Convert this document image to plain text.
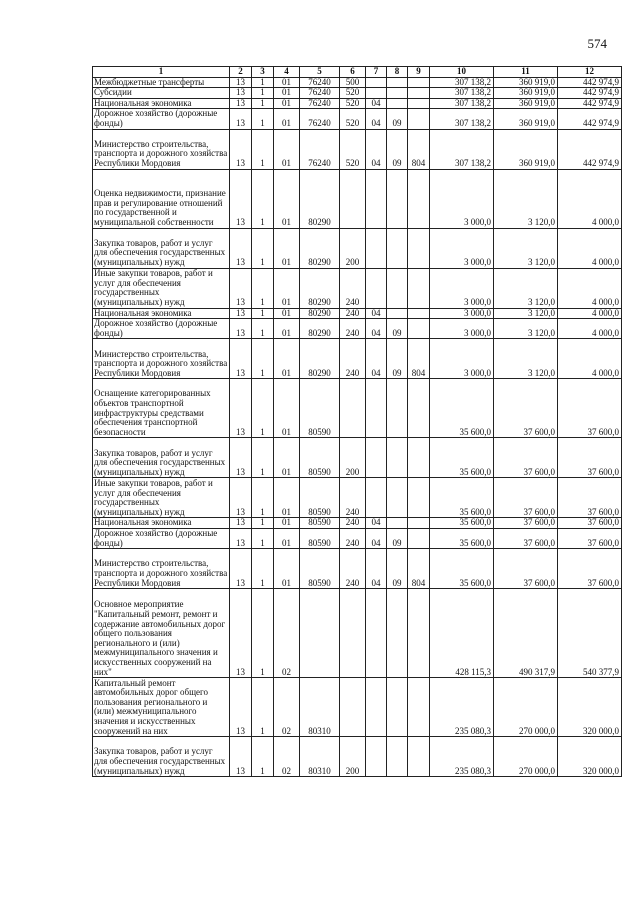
574
1	2	3	4	5	6	7	8	9	10	11	12
Межбюджетные трансферты	13	1	01	76240	500				307 138,2	360 919,0	442 974,9
Субсидии	13	1	01	76240	520				307 138,2	360 919,0	442 974,9
Национальная экономика	13	1	01	76240	520	04			307 138,2	360 919,0	442 974,9
Дорожное хозяйство (дорожные фонды)	13	1	01	76240	520	04	09		307 138,2	360 919,0	442 974,9
Министерство строительства, транспорта и дорожного хозяйства Республики Мордовия	13	1	01	76240	520	04	09	804	307 138,2	360 919,0	442 974,9
Оценка недвижимости, признание прав и регулирование отношений по государственной и муниципальной собственности	13	1	01	80290					3 000,0	3 120,0	4 000,0
Закупка товаров, работ и услуг для обеспечения государственных (муниципальных) нужд	13	1	01	80290	200				3 000,0	3 120,0	4 000,0
Иные закупки товаров, работ и услуг для обеспечения государственных (муниципальных) нужд	13	1	01	80290	240				3 000,0	3 120,0	4 000,0
Национальная экономика	13	1	01	80290	240	04			3 000,0	3 120,0	4 000,0
Дорожное хозяйство (дорожные фонды)	13	1	01	80290	240	04	09		3 000,0	3 120,0	4 000,0
Министерство строительства, транспорта и дорожного хозяйства Республики Мордовия	13	1	01	80290	240	04	09	804	3 000,0	3 120,0	4 000,0
Оснащение категорированных объектов транспортной инфраструктуры средствами обеспечения транспортной безопасности	13	1	01	80590					35 600,0	37 600,0	37 600,0
Закупка товаров, работ и услуг для обеспечения государственных (муниципальных) нужд	13	1	01	80590	200				35 600,0	37 600,0	37 600,0
Иные закупки товаров, работ и услуг для обеспечения государственных (муниципальных) нужд	13	1	01	80590	240				35 600,0	37 600,0	37 600,0
Национальная экономика	13	1	01	80590	240	04			35 600,0	37 600,0	37 600,0
Дорожное хозяйство (дорожные фонды)	13	1	01	80590	240	04	09		35 600,0	37 600,0	37 600,0
Министерство строительства, транспорта и дорожного хозяйства Республики Мордовия	13	1	01	80590	240	04	09	804	35 600,0	37 600,0	37 600,0
Основное мероприятие "Капитальный ремонт, ремонт и содержание автомобильных дорог общего пользования регионального и (или) межмуниципального значения и искусственных сооружений на них"	13	1	02						428 115,3	490 317,9	540 377,9
Капитальный ремонт автомобильных дорог общего пользования регионального и (или) межмуниципального значения и искусственных сооружений на них	13	1	02	80310					235 080,3	270 000,0	320 000,0
Закупка товаров, работ и услуг для обеспечения государственных (муниципальных) нужд	13	1	02	80310	200				235 080,3	270 000,0	320 000,0
